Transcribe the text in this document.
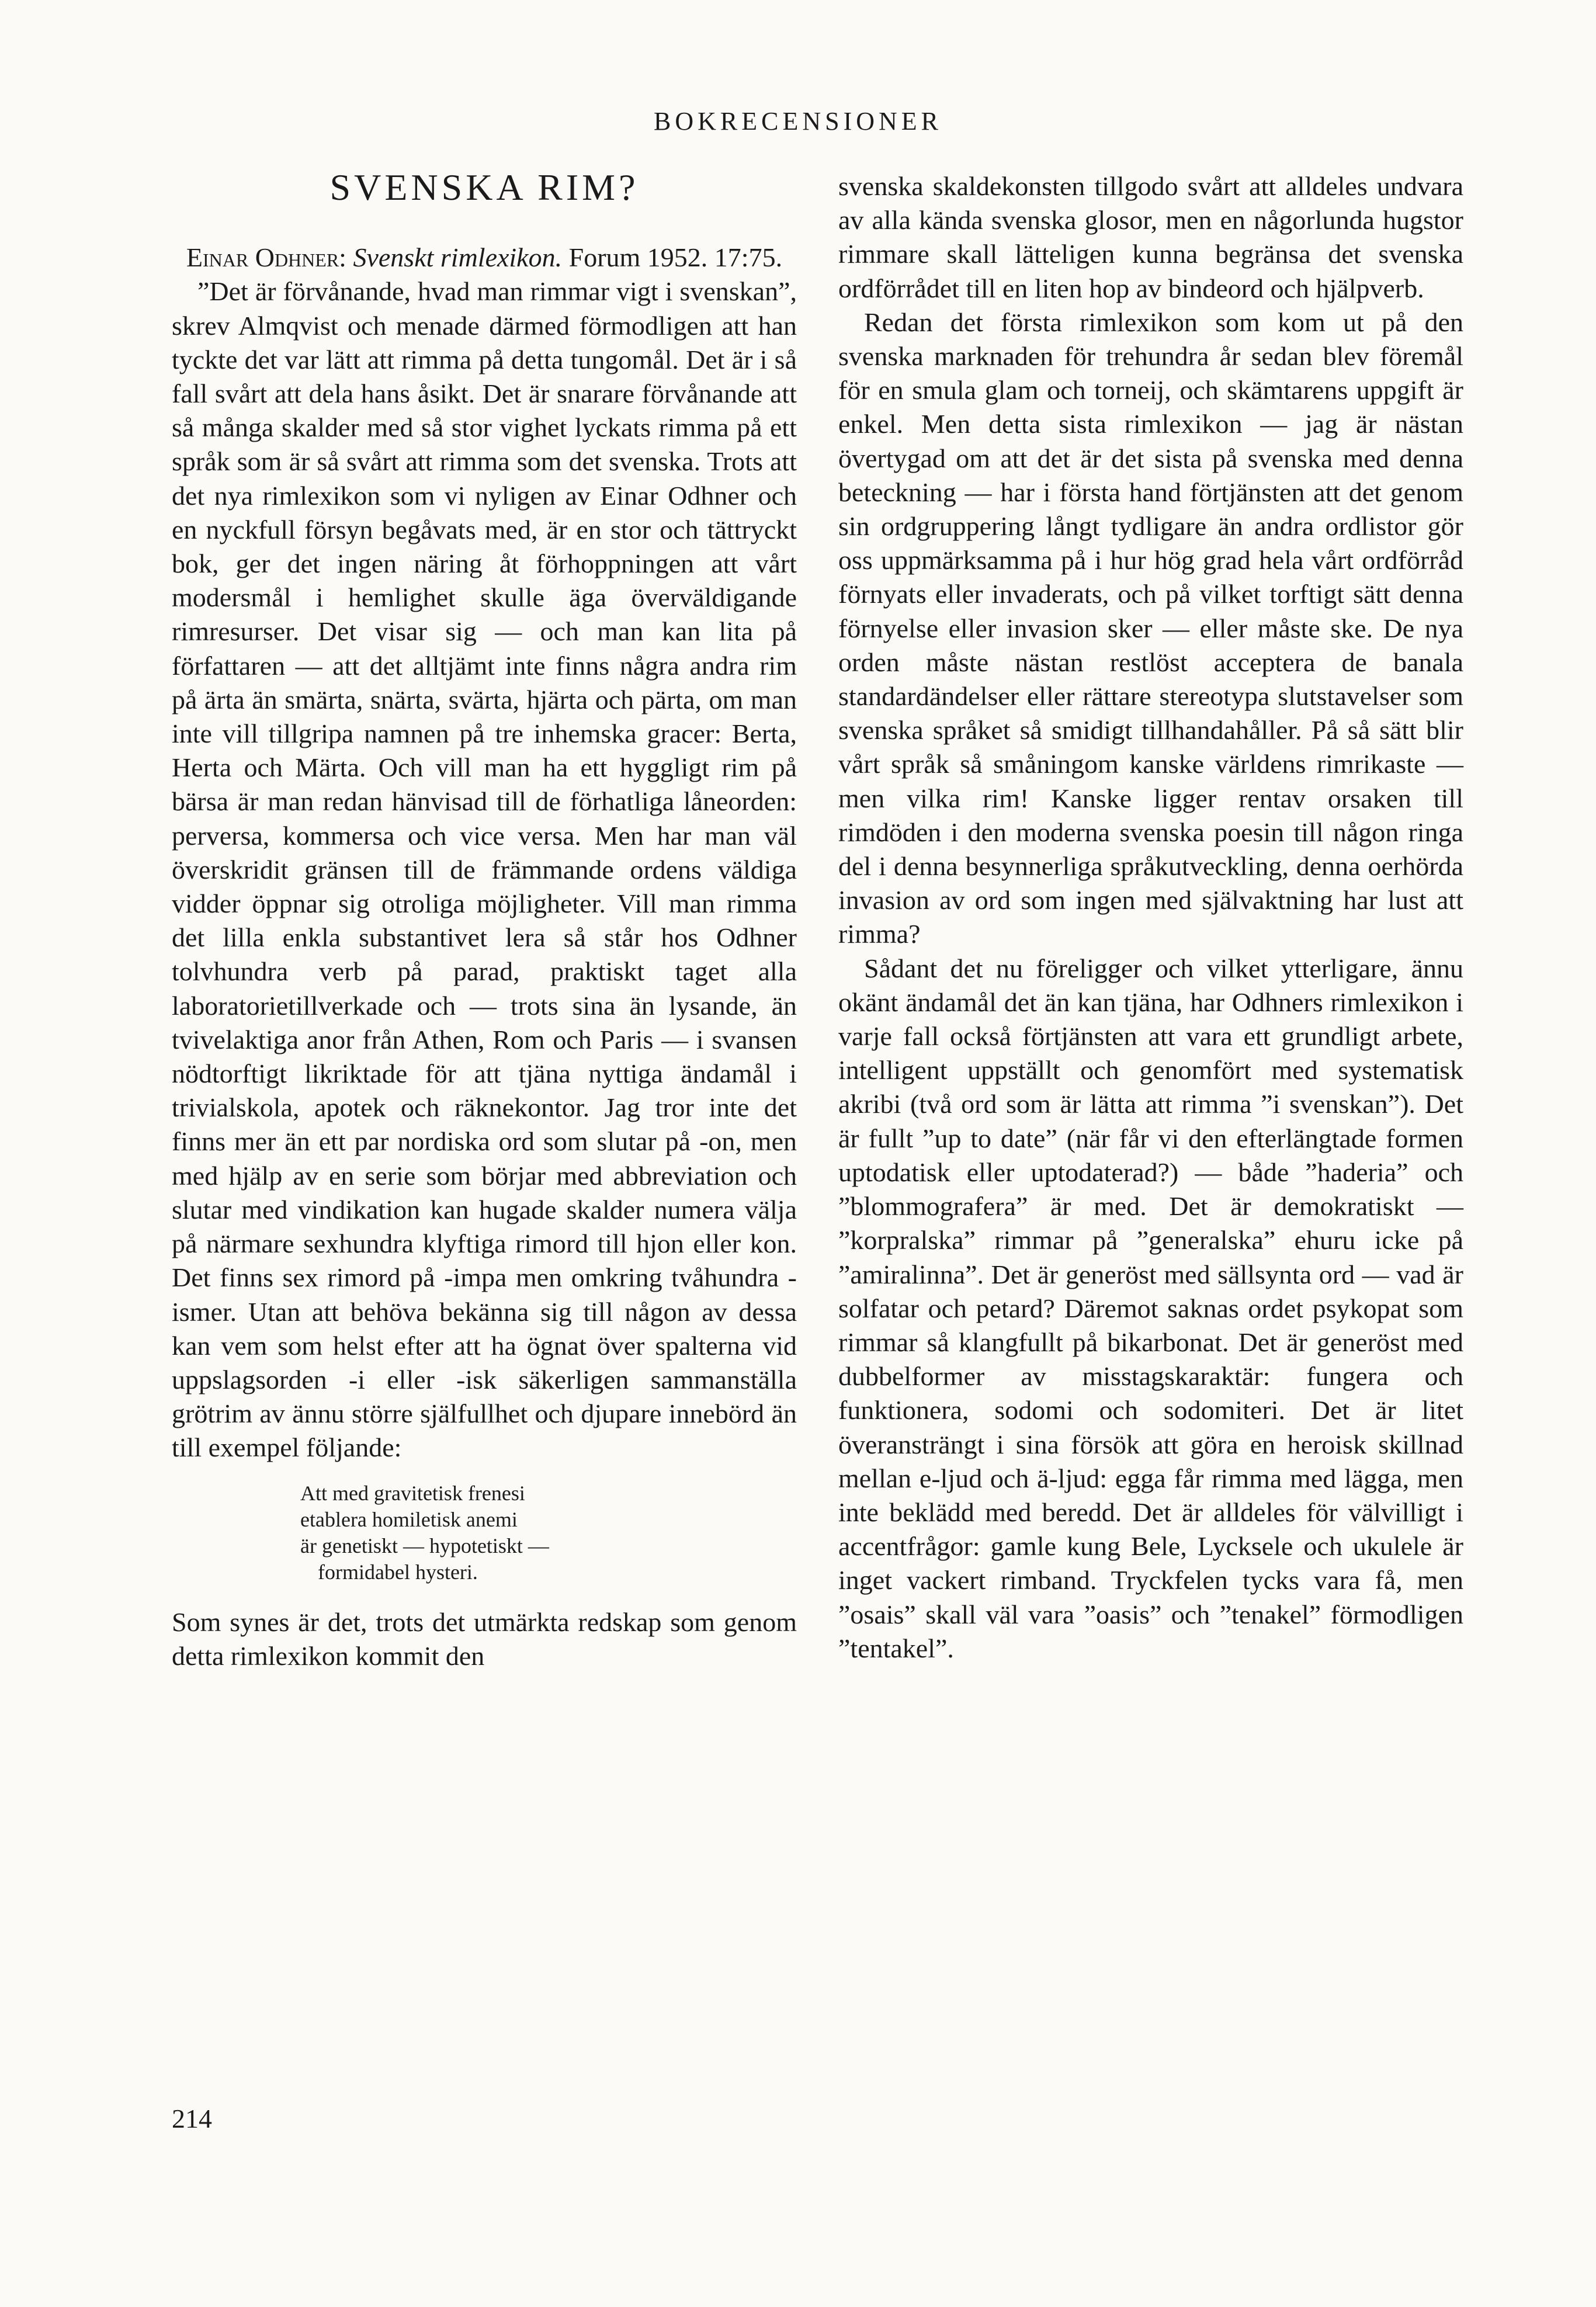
BOKRECENSIONER
SVENSKA RIM?

Einar Odhner: Svenskt rimlexikon. Forum 1952. 17:75.

”Det är förvånande, hvad man rimmar vigt i svenskan”, skrev Almqvist och menade därmed förmodligen att han tyckte det var lätt att rimma på detta tungomål. Det är i så fall svårt att dela hans åsikt. Det är snarare förvånande att så många skalder med så stor vighet lyckats rimma på ett språk som är så svårt att rimma som det svenska. Trots att det nya rimlexikon som vi nyligen av Einar Odhner och en nyckfull försyn begåvats med, är en stor och tättryckt bok, ger det ingen näring åt förhoppningen att vårt modersmål i hemlighet skulle äga överväldigande rimresurser. Det visar sig — och man kan lita på författaren — att det alltjämt inte finns några andra rim på ärta än smärta, snärta, svärta, hjärta och pärta, om man inte vill tillgripa namnen på tre inhemska gracer: Berta, Herta och Märta. Och vill man ha ett hyggligt rim på bärsa är man redan hänvisad till de förhatliga låneorden: perversa, kommersa och vice versa. Men har man väl överskridit gränsen till de främmande ordens väldiga vidder öppnar sig otroliga möjligheter. Vill man rimma det lilla enkla substantivet lera så står hos Odhner tolvhundra verb på parad, praktiskt taget alla laboratorietillverkade och — trots sina än lysande, än tvivelaktiga anor från Athen, Rom och Paris — i svansen nödtorftigt likriktade för att tjäna nyttiga ändamål i trivialskola, apotek och räknekontor. Jag tror inte det finns mer än ett par nordiska ord som slutar på -on, men med hjälp av en serie som börjar med abbreviation och slutar med vindikation kan hugade skalder numera välja på närmare sexhundra klyftiga rimord till hjon eller kon. Det finns sex rimord på -impa men omkring tvåhundra -ismer. Utan att behöva bekänna sig till någon av dessa kan vem som helst efter att ha ögnat över spalterna vid uppslagsorden -i eller -isk säkerligen sammanställa grötrim av ännu större själfullhet och djupare innebörd än till exempel följande:

Att med gravitetisk frenesi
etablera homiletisk anemi
är genetiskt — hypotetiskt —
formidabel hysteri.

Som synes är det, trots det utmärkta redskap som genom detta rimlexikon kommit den

svenska skaldekonsten tillgodo svårt att alldeles undvara av alla kända svenska glosor, men en någorlunda hugstor rimmare skall lätteligen kunna begränsa det svenska ordförrådet till en liten hop av bindeord och hjälpverb.

Redan det första rimlexikon som kom ut på den svenska marknaden för trehundra år sedan blev föremål för en smula glam och torneij, och skämtarens uppgift är enkel. Men detta sista rimlexikon — jag är nästan övertygad om att det är det sista på svenska med denna beteckning — har i första hand förtjänsten att det genom sin ordgruppering långt tydligare än andra ordlistor gör oss uppmärksamma på i hur hög grad hela vårt ordförråd förnyats eller invaderats, och på vilket torftigt sätt denna förnyelse eller invasion sker — eller måste ske. De nya orden måste nästan restlöst acceptera de banala standardändelser eller rättare stereotypa slutstavelser som svenska språket så smidigt tillhandahåller. På så sätt blir vårt språk så småningom kanske världens rimrikaste — men vilka rim! Kanske ligger rentav orsaken till rimdöden i den moderna svenska poesin till någon ringa del i denna besynnerliga språkutveckling, denna oerhörda invasion av ord som ingen med självaktning har lust att rimma?

Sådant det nu föreligger och vilket ytterligare, ännu okänt ändamål det än kan tjäna, har Odhners rimlexikon i varje fall också förtjänsten att vara ett grundligt arbete, intelligent uppställt och genomfört med systematisk akribi (två ord som är lätta att rimma ”i svenskan”). Det är fullt ”up to date” (när får vi den efterlängtade formen uptodatisk eller uptodaterad?) — både ”haderia” och ”blommografera” är med. Det är demokratiskt — ”korpralska” rimmar på ”generalska” ehuru icke på ”amiralinna”. Det är generöst med sällsynta ord — vad är solfatar och petard? Däremot saknas ordet psykopat som rimmar så klangfullt på bikarbonat. Det är generöst med dubbelformer av misstagskaraktär: fungera och funktionera, sodomi och sodomiteri. Det är litet överansträngt i sina försök att göra en heroisk skillnad mellan e-ljud och ä-ljud: egga får rimma med lägga, men inte beklädd med beredd. Det är alldeles för välvilligt i accentfrågor: gamle kung Bele, Lycksele och ukulele är inget vackert rimband. Tryckfelen tycks vara få, men ”osais” skall väl vara ”oasis” och ”tenakel” förmodligen ”tentakel”.

214
